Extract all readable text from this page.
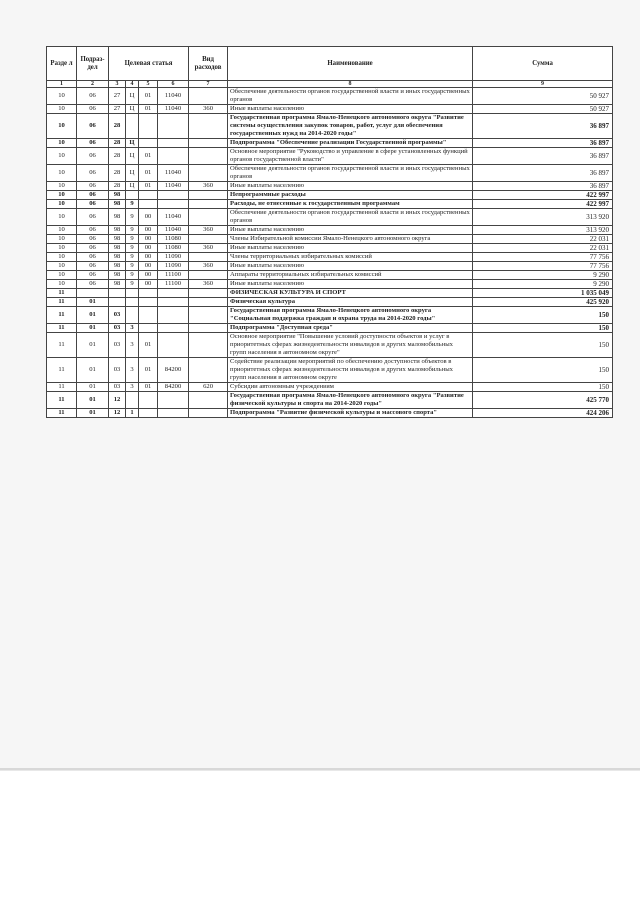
Разде л	Подраз- дел	Целевая статья				Вид расходов	Наименование	Сумма
1	2	3	4	5	6	7	8	9
10	06	27	Ц	01	11040		Обеспечение деятельности органов государственной власти и иных государственных органов	50 927
10	06	27	Ц	01	11040	360	Иные выплаты населению	50 927
10	06	28					Государственная программа Ямало-Ненецкого автономного округа "Развитие системы осуществления закупок товаров, работ, услуг для обеспечения государственных нужд на 2014-2020 годы"	36 897
10	06	28	Ц				Подпрограмма "Обеспечение реализации Государственной программы"	36 897
10	06	28	Ц	01			Основное мероприятие "Руководство и управление в сфере установленных функций органов государственной власти"	36 897
10	06	28	Ц	01	11040		Обеспечение деятельности органов государственной власти и иных государственных органов	36 897
10	06	28	Ц	01	11040	360	Иные выплаты населению	36 897
10	06	98					Непрограммные расходы	422 997
10	06	98	9				Расходы, не отнесенные к государственным программам	422 997
10	06	98	9	00	11040		Обеспечение деятельности органов государственной власти и иных государственных органов	313 920
10	06	98	9	00	11040	360	Иные выплаты населению	313 920
10	06	98	9	00	11080		Члены Избирательной комиссии Ямало-Ненецкого автономного округа	22 031
10	06	98	9	00	11080	360	Иные выплаты населению	22 031
10	06	98	9	00	11090		Члены территориальных избирательных комиссий	77 756
10	06	98	9	00	11090	360	Иные выплаты населению	77 756
10	06	98	9	00	11100		Аппараты территориальных избирательных комиссий	9 290
10	06	98	9	00	11100	360	Иные выплаты населению	9 290
11							ФИЗИЧЕСКАЯ КУЛЬТУРА И СПОРТ	1 035 049
11	01						Физическая культура	425 920
11	01	03					Государственная программа Ямало-Ненецкого автономного округа "Социальная поддержка граждан и охрана труда на 2014-2020 годы"	150
11	01	03	3				Подпрограмма "Доступная среда"	150
11	01	03	3	01			Основное мероприятие "Повышение условий доступности объектов и услуг в приоритетных сферах жизнедеятельности инвалидов и других маломобильных групп населения в автономном округе"	150
11	01	03	3	01	84200		Содействие реализации мероприятий по обеспечению доступности объектов в приоритетных сферах жизнедеятельности инвалидов и других маломобильных групп населения в автономном округе	150
11	01	03	3	01	84200	620	Субсидии автономным учреждениям	150
11	01	12					Государственная программа Ямало-Ненецкого автономного округа "Развитие физической культуры и спорта на 2014-2020 годы"	425 770
11	01	12	1				Подпрограмма "Развитие физической культуры и массового спорта"	424 206
